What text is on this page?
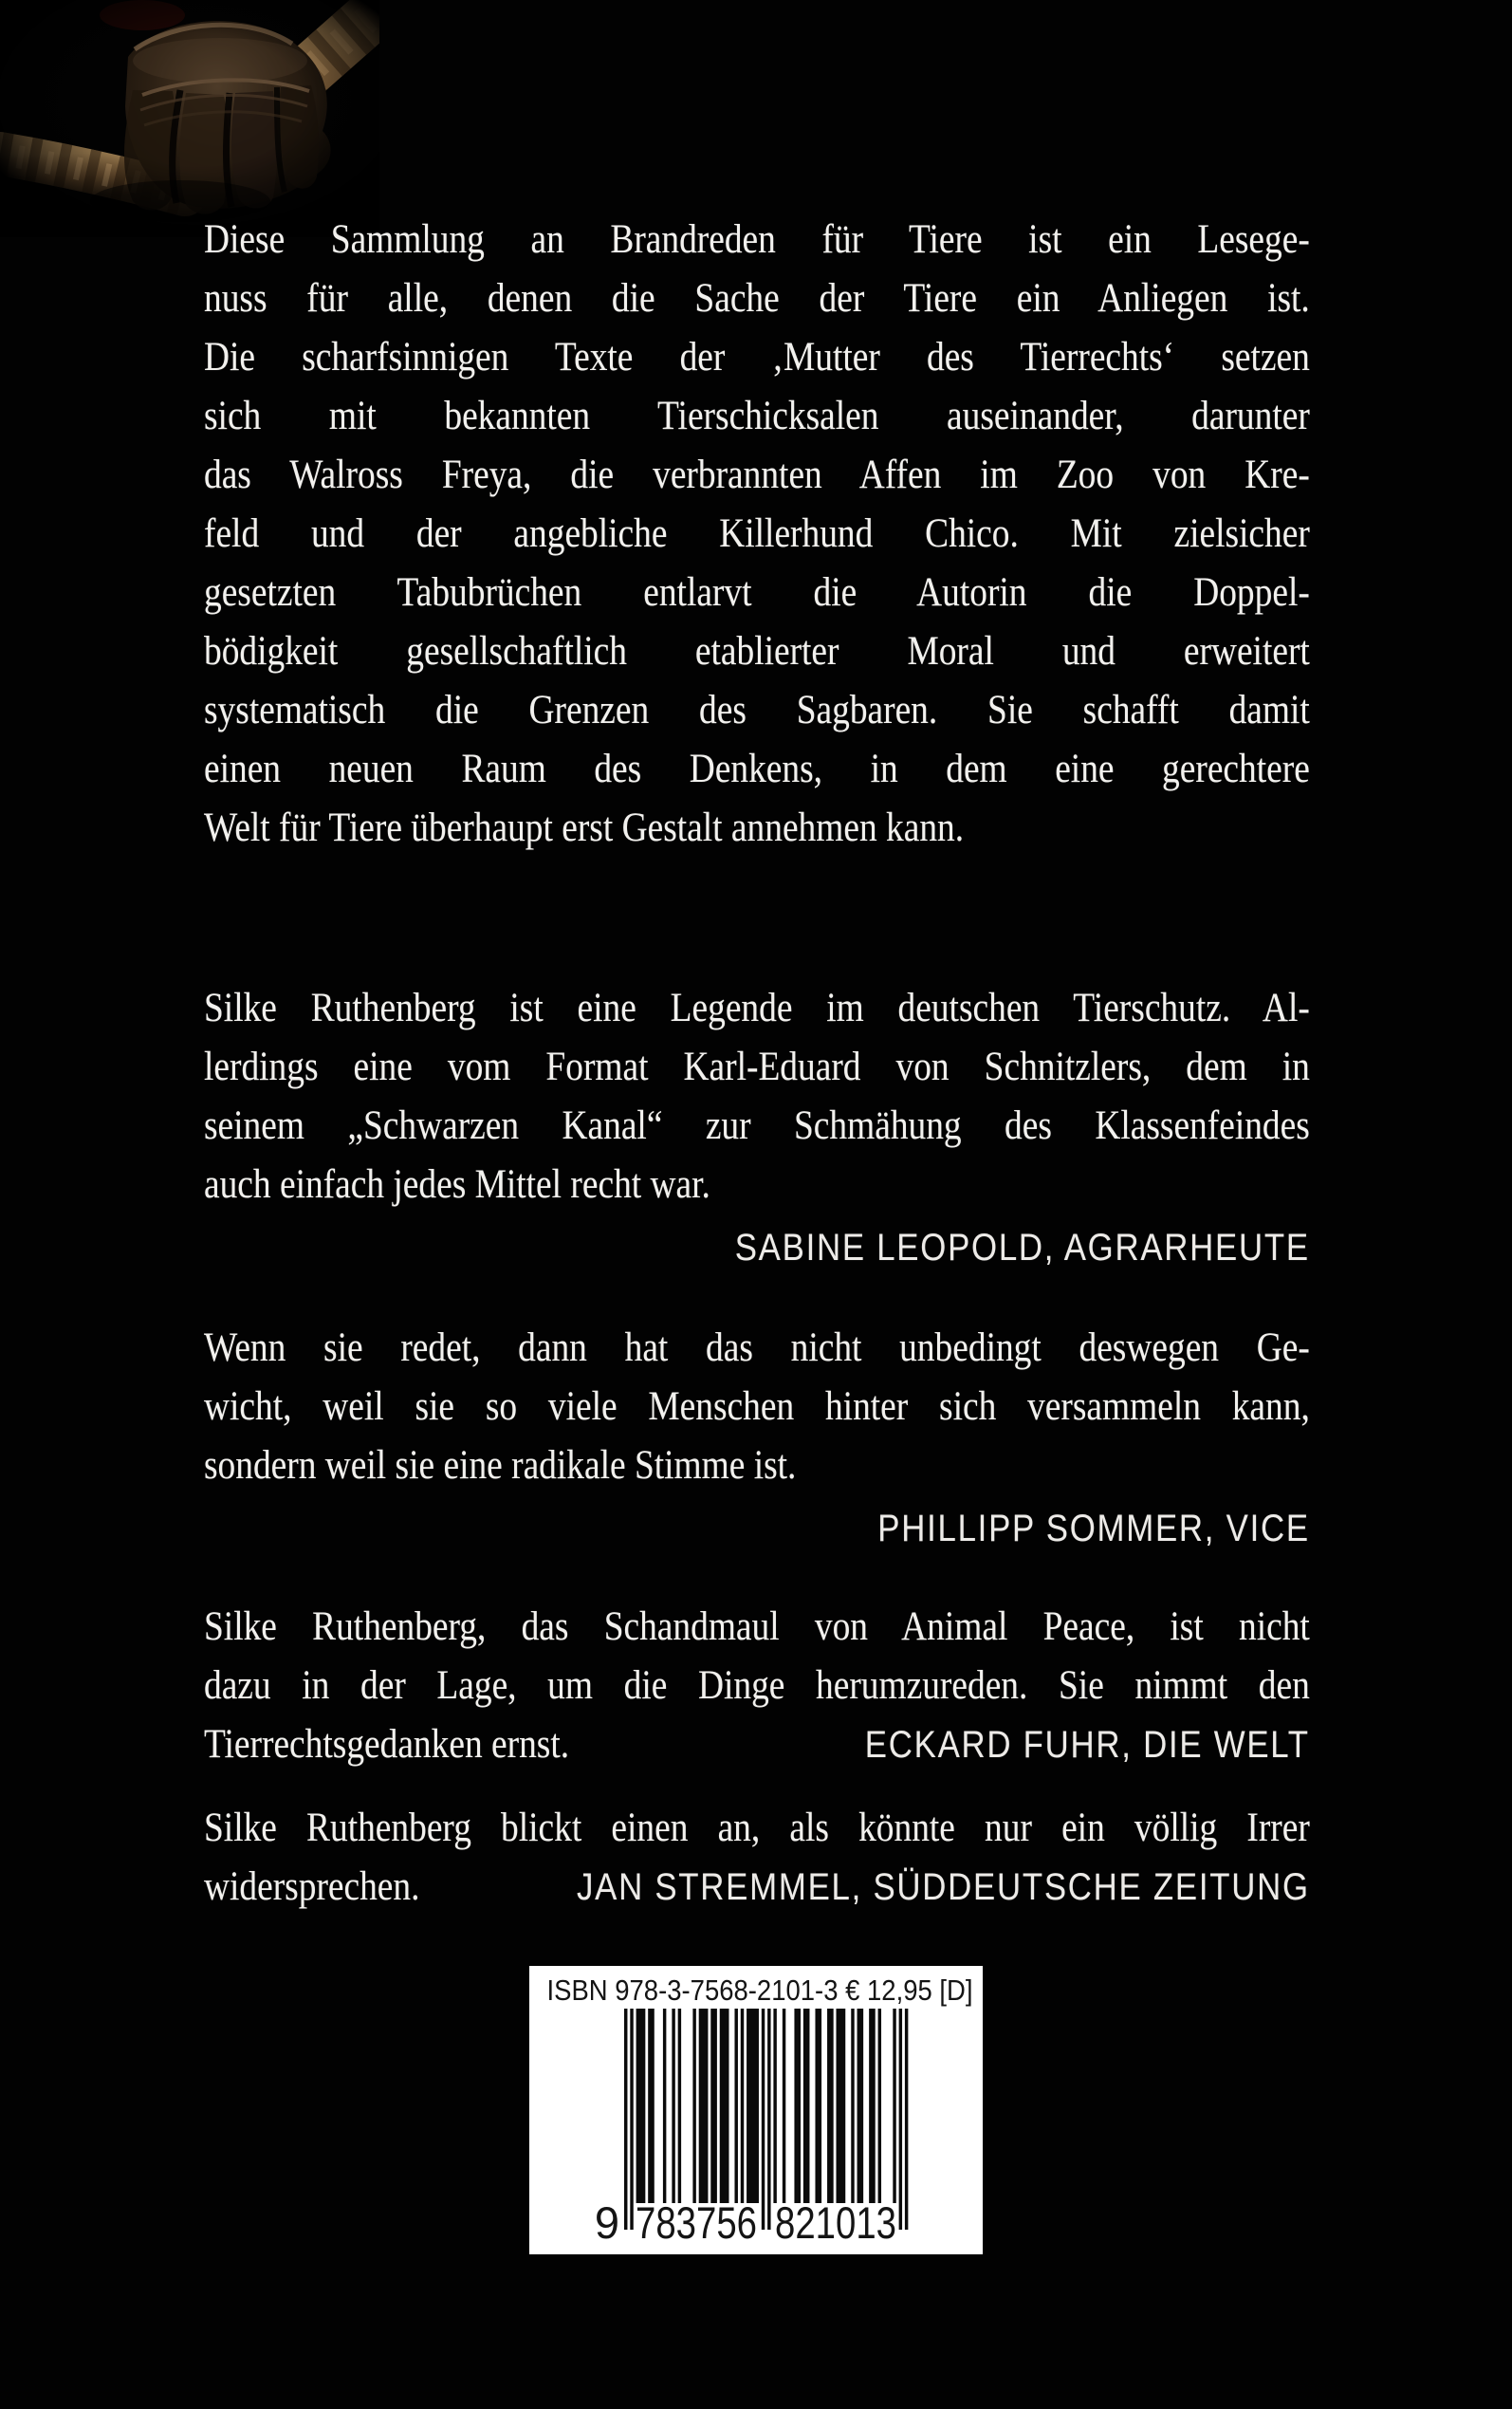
Diese Sammlung an Brandreden für Tiere ist ein Lesege-
nuss für alle, denen die Sache der Tiere ein Anliegen ist.
Die scharfsinnigen Texte der ‚Mutter des Tierrechts‘ setzen
sich mit bekannten Tierschicksalen auseinander, darunter
das Walross Freya, die verbrannten Affen im Zoo von Kre-
feld und der angebliche Killerhund Chico. Mit zielsicher
gesetzten Tabubrüchen entlarvt die Autorin die Doppel-
bödigkeit gesellschaftlich etablierter Moral und erweitert
systematisch die Grenzen des Sagbaren. Sie schafft damit
einen neuen Raum des Denkens, in dem eine gerechtere
Welt für Tiere überhaupt erst Gestalt annehmen kann.
Silke Ruthenberg ist eine Legende im deutschen Tierschutz. Al-
lerdings eine vom Format Karl-Eduard von Schnitzlers, dem in
seinem „Schwarzen Kanal“ zur Schmähung des Klassenfeindes
auch einfach jedes Mittel recht war.
SABINE LEOPOLD, AGRARHEUTE
Wenn sie redet, dann hat das nicht unbedingt deswegen Ge-
wicht, weil sie so viele Menschen hinter sich versammeln kann,
sondern weil sie eine radikale Stimme ist.
PHILLIPP SOMMER, VICE
Silke Ruthenberg, das Schandmaul von Animal Peace, ist nicht
dazu in der Lage, um die Dinge herumzureden. Sie nimmt den
Tierrechtsgedanken ernst.	ECKARD FUHR, DIE WELT
Silke Ruthenberg blickt einen an, als könnte nur ein völlig Irrer
widersprechen.	JAN STREMMEL, SÜDDEUTSCHE ZEITUNG
ISBN 978-3-7568-2101-3 € 12,95 [D]
9 783756 821013
